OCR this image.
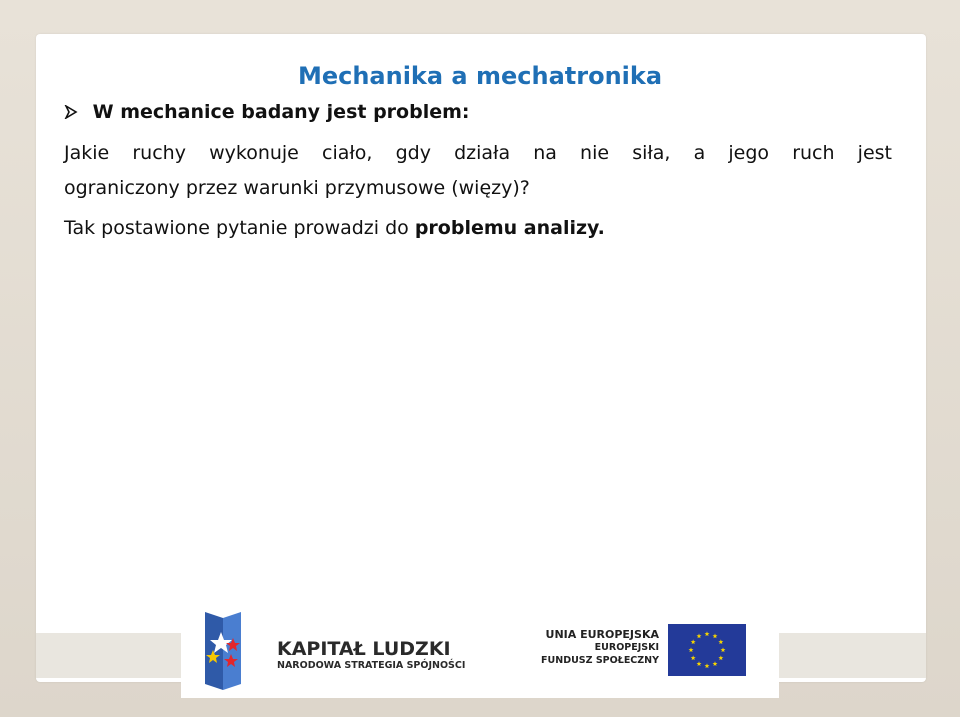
Mechanika a mechatronika
W mechanice badany jest problem:
Jakie ruchy wykonuje ciało, gdy działa na nie siła, a jego ruch jest
ograniczony przez warunki przymusowe (więzy)?
Tak postawione pytanie prowadzi do problemu analizy.
KAPITAŁ LUDZKI
NARODOWA STRATEGIA SPÓJNOŚCI
UNIA EUROPEJSKA
EUROPEJSKI
FUNDUSZ SPOŁECZNY
